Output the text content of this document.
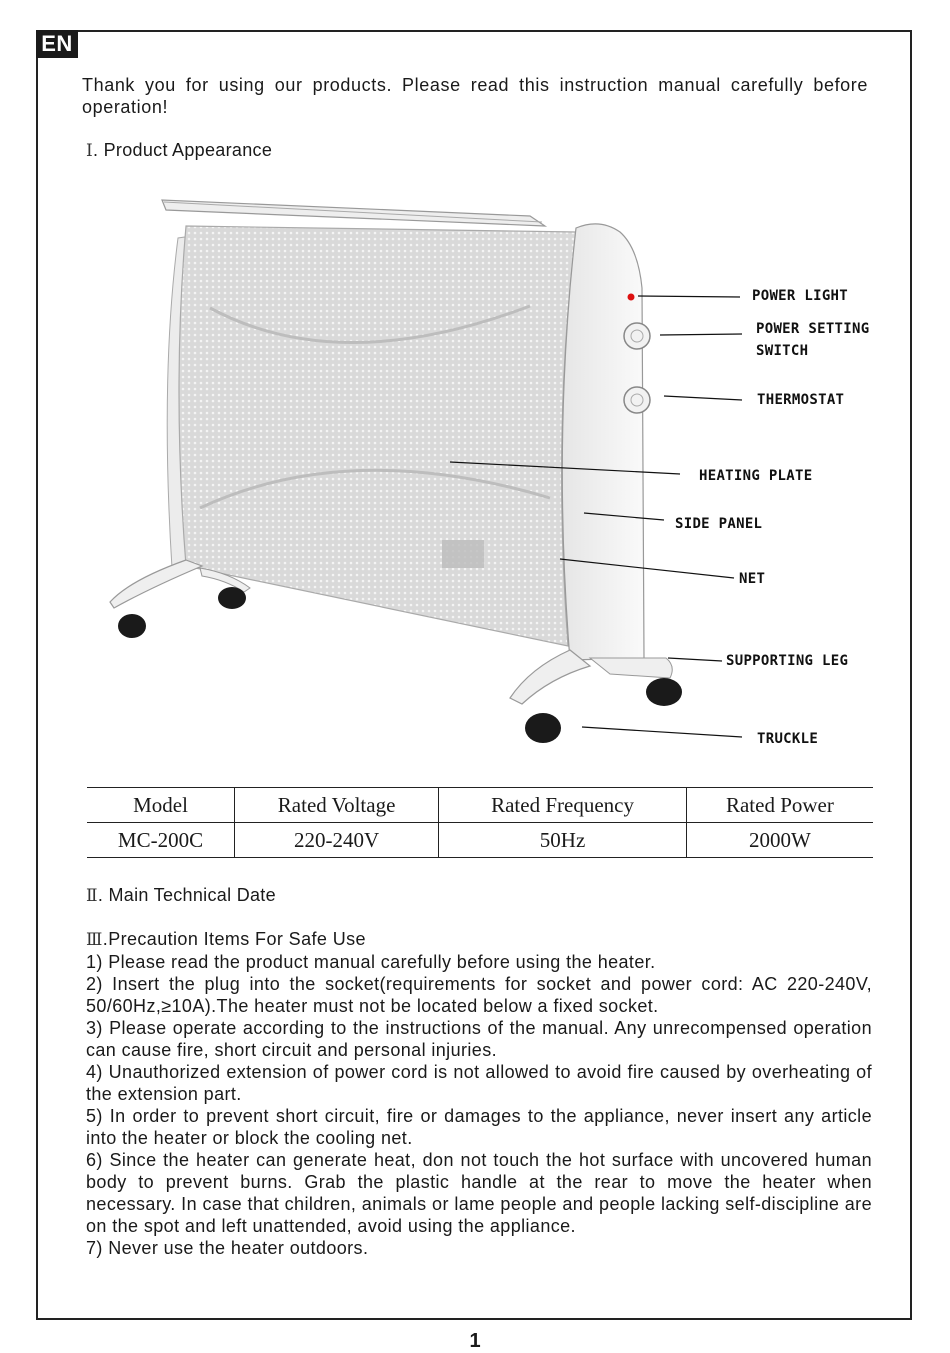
EN
Thank you for using our products. Please read this instruction manual carefully before operation!
Ⅰ. Product Appearance
POWER LIGHT
POWER SETTING
SWITCH
THERMOSTAT
HEATING PLATE
SIDE PANEL
NET
SUPPORTING LEG
TRUCKLE
Model	Rated Voltage	Rated Frequency	Rated Power
MC-200C	220-240V	50Hz	2000W
Ⅱ. Main Technical Date

Ⅲ.Precaution Items For Safe Use

1) Please read the product manual carefully before using the heater.

2) Insert the plug into the socket(requirements for socket and power cord: AC 220-240V, 50/60Hz,≥10A).The heater must not be located below a fixed socket.

3) Please operate according to the instructions of the manual. Any unrecompensed operation can cause fire, short circuit and personal injuries.

4) Unauthorized extension of power cord is not allowed to avoid fire caused by overheating of the extension part.

5) In order to prevent short circuit, fire or damages to the appliance, never insert any article into the heater or block the cooling net.

6) Since the heater can generate heat, don not touch the hot surface with uncovered human body to prevent burns. Grab the plastic handle at the rear to move the heater when necessary. In case that children, animals or lame people and people lacking self-discipline are on the spot and left unattended, avoid using the appliance.

7) Never use the heater outdoors.

1
